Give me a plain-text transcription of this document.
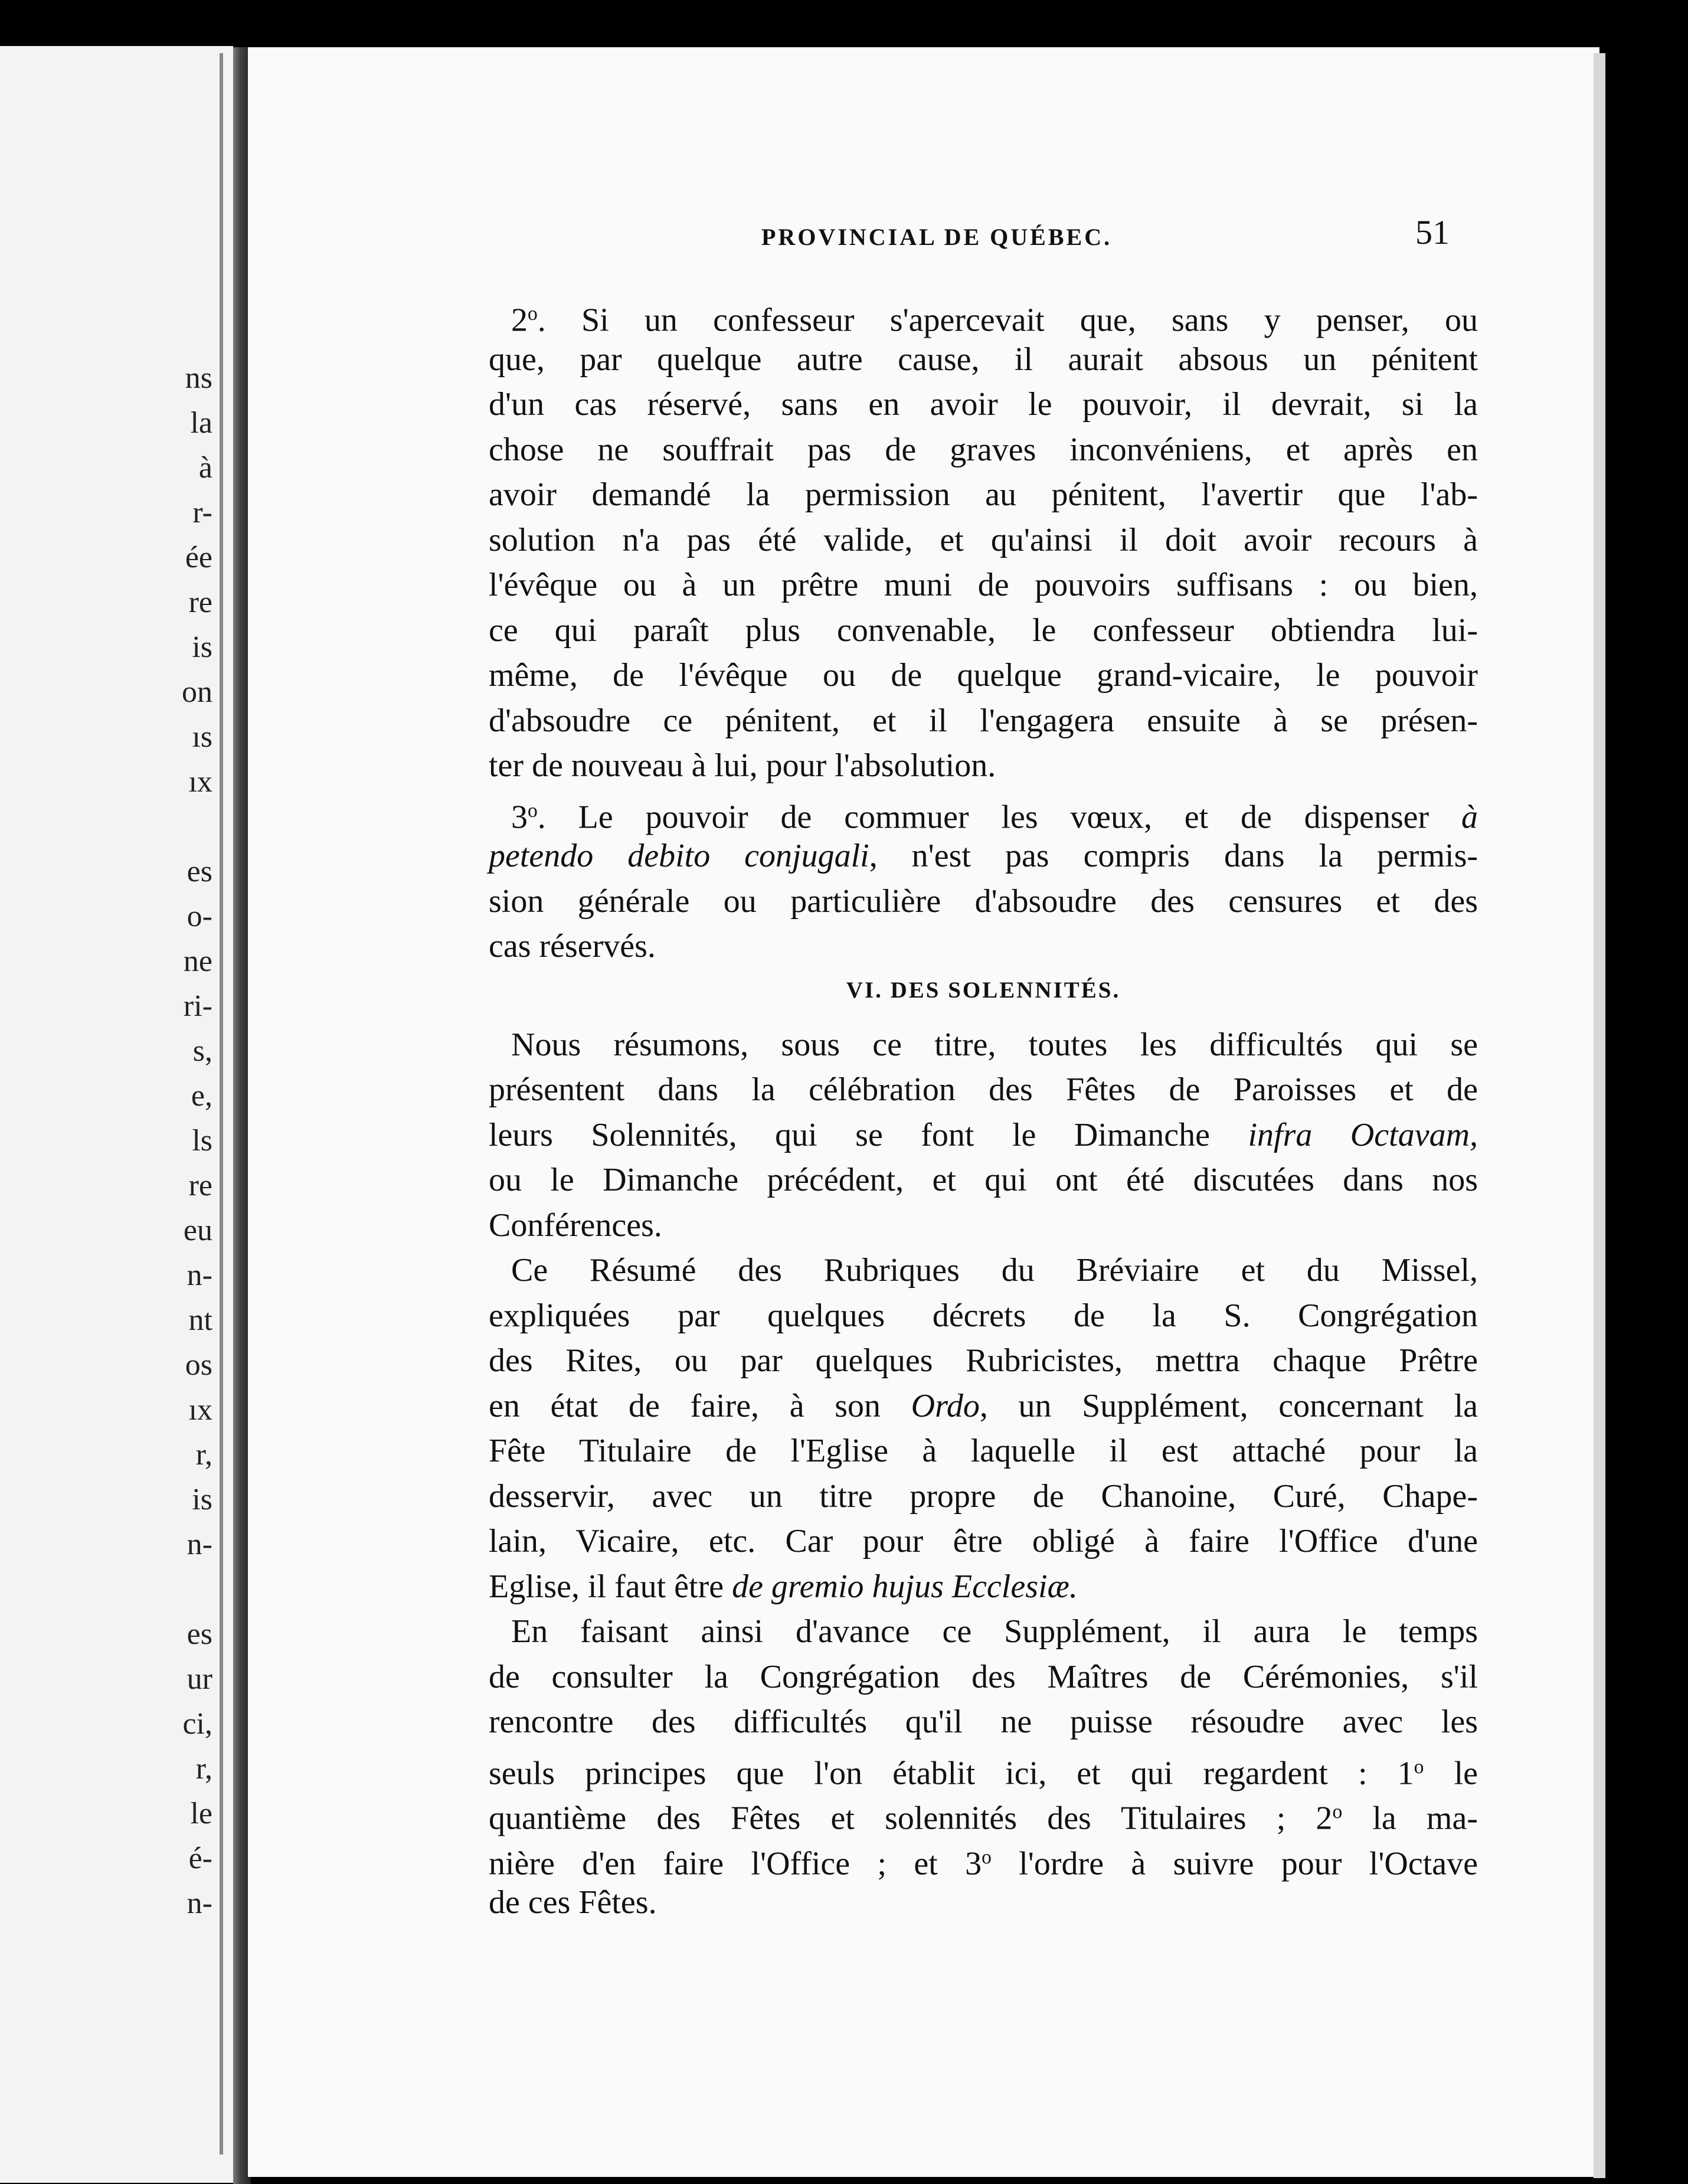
ns
la
à
r-
ée
re
is
on
ıs
ıx
es
o-
ne
ri-
s,
e,
ls
re
eu
n-
nt
os
ıx
r,
is
n-
es
ur
ci,
r,
le
é-
n-
PROVINCIAL DE QUÉBEC.	51
2$^o$. Si un confesseur s'apercevait que, sans y penser, ou
que, par quelque autre cause, il aurait absous un pénitent
d'un cas réservé, sans en avoir le pouvoir, il devrait, si la
chose ne souffrait pas de graves inconvéniens, et après en
avoir demandé la permission au pénitent, l'avertir que l'ab-
solution n'a pas été valide, et qu'ainsi il doit avoir recours à
l'évêque ou à un prêtre muni de pouvoirs suffisans : ou bien,
ce qui paraît plus convenable, le confesseur obtiendra lui-
même, de l'évêque ou de quelque grand-vicaire, le pouvoir
d'absoudre ce pénitent, et il l'engagera ensuite à se présen-
ter de nouveau à lui, pour l'absolution.
3$^o$. Le pouvoir de commuer les vœux, et de dispenser à
petendo debito conjugali, n'est pas compris dans la permis-
sion générale ou particulière d'absoudre des censures et des
cas réservés.
VI. DES SOLENNITÉS.
Nous résumons, sous ce titre, toutes les difficultés qui se
présentent dans la célébration des Fêtes de Paroisses et de
leurs Solennités, qui se font le Dimanche infra Octavam,
ou le Dimanche précédent, et qui ont été discutées dans nos
Conférences.
Ce Résumé des Rubriques du Bréviaire et du Missel,
expliquées par quelques décrets de la S. Congrégation
des Rites, ou par quelques Rubricistes, mettra chaque Prêtre
en état de faire, à son Ordo, un Supplément, concernant la
Fête Titulaire de l'Eglise à laquelle il est attaché pour la
desservir, avec un titre propre de Chanoine, Curé, Chape-
lain, Vicaire, etc. Car pour être obligé à faire l'Office d'une
Eglise, il faut être de gremio hujus Ecclesiæ.
En faisant ainsi d'avance ce Supplément, il aura le temps
de consulter la Congrégation des Maîtres de Cérémonies, s'il
rencontre des difficultés qu'il ne puisse résoudre avec les
seuls principes que l'on établit ici, et qui regardent : 1$^o$ le
quantième des Fêtes et solennités des Titulaires ; 2$^o$ la ma-
nière d'en faire l'Office ; et 3$^o$ l'ordre à suivre pour l'Octave
de ces Fêtes.
